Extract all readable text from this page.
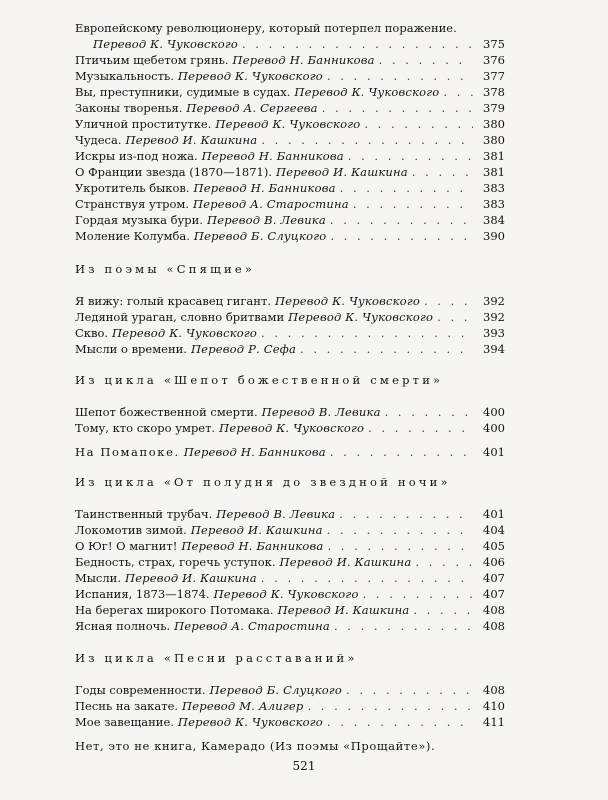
Европейскому революционеру, который потерпел поражение.
Перевод К. Чуковского . . .	375
Птичьим щебетом грянь. Перевод Н. Банникова . . .	376
Музыкальность. Перевод К. Чуковского . . .	377
Вы, преступники, судимые в судах. Перевод К. Чуковского . . .	378
Законы творенья. Перевод А. Сергеева . . .	379
Уличной проститутке. Перевод К. Чуковского . . .	380
Чудеса. Перевод И. Кашкина . . .	380
Искры из-под ножа. Перевод Н. Банникова . . .	381
О Франции звезда (1870—1871). Перевод И. Кашкина . . .	381
Укротитель быков. Перевод Н. Банникова . . .	383
Странствуя утром. Перевод А. Старостина . . .	383
Гордая музыка бури. Перевод В. Левика . . .	384
Моление Колумба. Перевод Б. Слуцкого . . .	390
Из поэмы «Спящие»
Я вижу: голый красавец гигант. Перевод К. Чуковского . . .	392
Ледяной ураган, словно бритвами Перевод К. Чуковского . . .	392
Скво. Перевод К. Чуковского . . .	393
Мысли о времени. Перевод Р. Сефа . . .	394
Из цикла «Шепот божественной смерти»
Шепот божественной смерти. Перевод В. Левика . . .	400
Тому, кто скоро умрет. Перевод К. Чуковского . . .	400
На Помапоке. Перевод Н. Банникова . . .	401
Из цикла «От полудня до звездной ночи»
Таинственный трубач. Перевод В. Левика . . .	401
Локомотив зимой. Перевод И. Кашкина . . .	404
О Юг! О магнит! Перевод Н. Банникова . . .	405
Бедность, страх, горечь уступок. Перевод И. Кашкина . . .	406
Мысли. Перевод И. Кашкина . . .	407
Испания, 1873—1874. Перевод К. Чуковского . . .	407
На берегах широкого Потомака. Перевод И. Кашкина . . .	408
Ясная полночь. Перевод А. Старостина . . .	408
Из цикла «Песни расставаний»
Годы современности. Перевод Б. Слуцкого . . .	408
Песнь на закате. Перевод М. Алигер . . .	410
Мое завещание. Перевод К. Чуковского . . .	411
Нет, это не книга, Камерадо (Из поэмы «Прощайте»).
521
